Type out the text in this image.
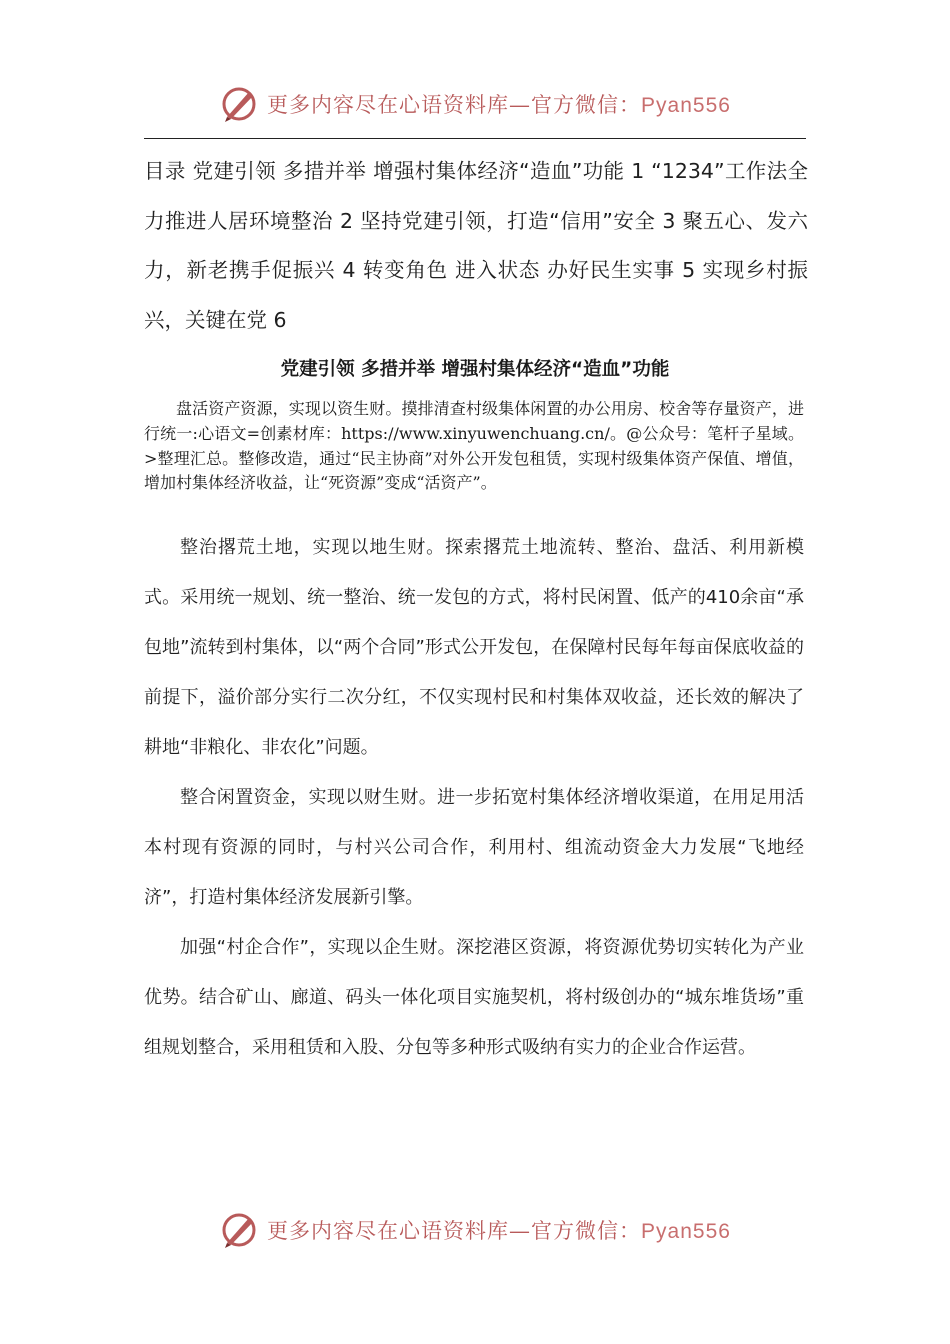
更多内容尽在心语资料库—官方微信：Pyan556

目录 党建引领 多措并举 增强村集体经济“造血”功能 1 “1234”工作法全力推进人居环境整治 2 坚持党建引领，打造“信用”安全 3 聚五心、发六力，新老携手促振兴 4 转变角色 进入状态 办好民生实事 5 实现乡村振兴，关键在党 6

党建引领 多措并举 增强村集体经济“造血”功能

盘活资产资源，实现以资生财。摸排清查村级集体闲置的办公用房、校舍等存量资产，进行统一:心语文=创素材库：https://www.xinyuwenchuang.cn/。@公众号：笔杆子星域。>整理汇总。整修改造，通过“民主协商”对外公开发包租赁，实现村级集体资产保值、增值，增加村集体经济收益，让“死资源”变成“活资产”。

整治撂荒土地，实现以地生财。探索撂荒土地流转、整治、盘活、利用新模式。采用统一规划、统一整治、统一发包的方式，将村民闲置、低产的410余亩“承包地”流转到村集体，以“两个合同”形式公开发包，在保障村民每年每亩保底收益的前提下，溢价部分实行二次分红，不仅实现村民和村集体双收益，还长效的解决了耕地“非粮化、非农化”问题。

整合闲置资金，实现以财生财。进一步拓宽村集体经济增收渠道，在用足用活本村现有资源的同时，与村兴公司合作，利用村、组流动资金大力发展“飞地经济”，打造村集体经济发展新引擎。

加强“村企合作”，实现以企生财。深挖港区资源，将资源优势切实转化为产业优势。结合矿山、廊道、码头一体化项目实施契机，将村级创办的“城东堆货场”重组规划整合，采用租赁和入股、分包等多种形式吸纳有实力的企业合作运营。

更多内容尽在心语资料库—官方微信：Pyan556
